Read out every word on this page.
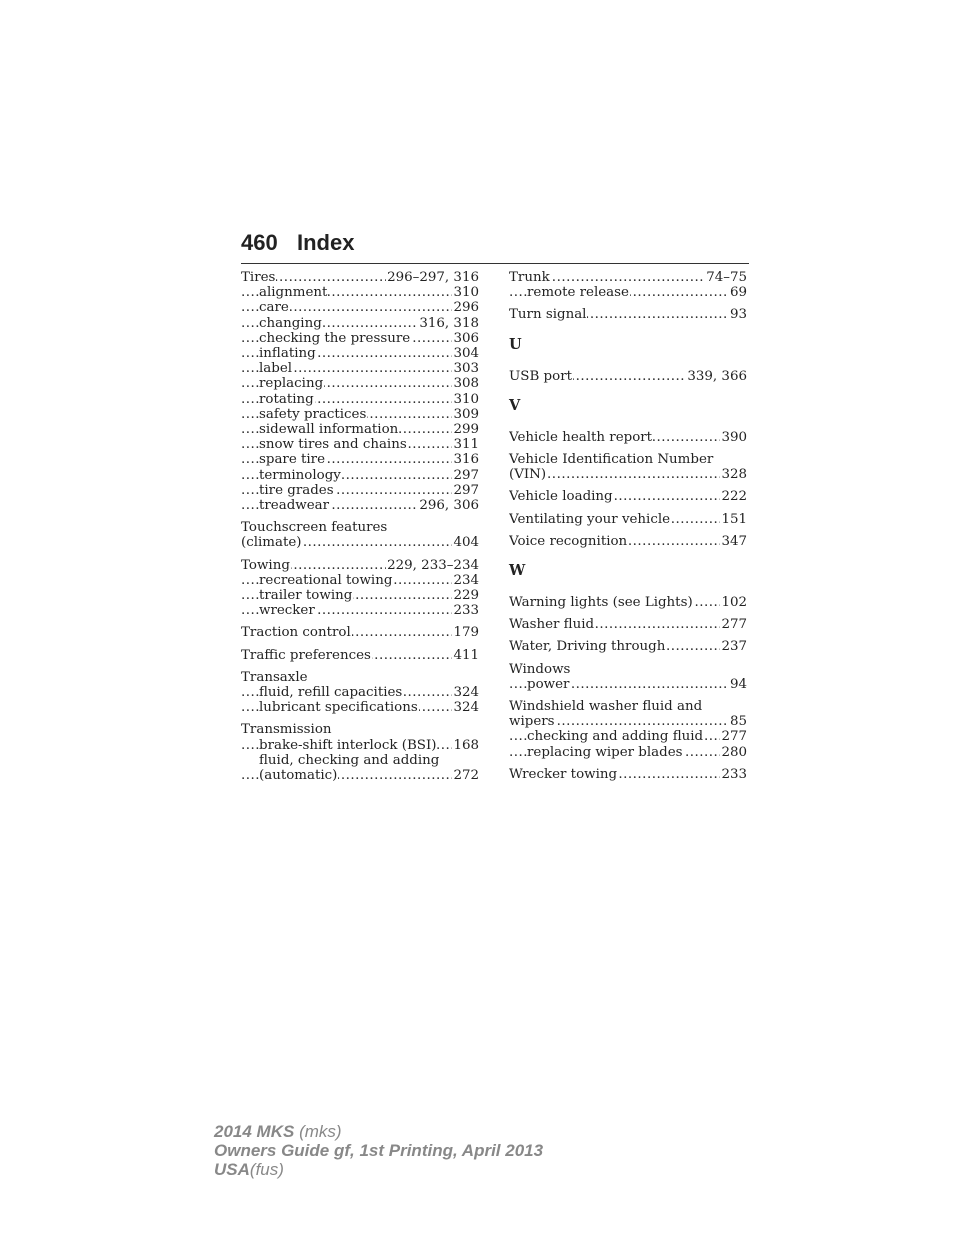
460 Index
Tires	296–297, 316
.....
alignment	310
.....
care	296
.....
changing	316, 318
.....
checking the pressure	306
.....
inflating	304
.....
label	303
.....
replacing	308
.....
rotating	310
.....
safety practices	309
.....
sidewall information	299
.....
snow tires and chains	311
.....
spare tire	316
.....
terminology	297
.....
tire grades	297
.....
treadwear	296, 306
.....
Touchscreen features
(climate)	404
.....
Towing	229, 233–234
.....
recreational towing	234
.....
trailer towing	229
.....
wrecker	233
.....
Traction control	179
.....
Traffic preferences	411
.....
Transaxle
fluid, refill capacities	324
.....
lubricant specifications	324
.....
Transmission
brake-shift interlock (BSI) 168
.....
fluid, checking and adding
(automatic)	272
.....
Trunk	74–75
.....
remote release	69
.....
Turn signal	93
.....
U
USB port	339, 366
.....
V
Vehicle health report	390
.....
Vehicle Identification Number
(VIN)	328
.....
Vehicle loading	222
.....
Ventilating your vehicle	151
.....
Voice recognition	347
.....
W
Warning lights (see Lights) 102
.....
Washer fluid	277
.....
Water, Driving through	237
.....
Windows
power	94
.....
Windshield washer fluid and
wipers	85
.....
checking and adding fluid 277
.....
replacing wiper blades	280
.....
Wrecker towing	233
.....
2014 MKS (mks)
Owners Guide gf, 1st Printing, April 2013
USA(fus)
